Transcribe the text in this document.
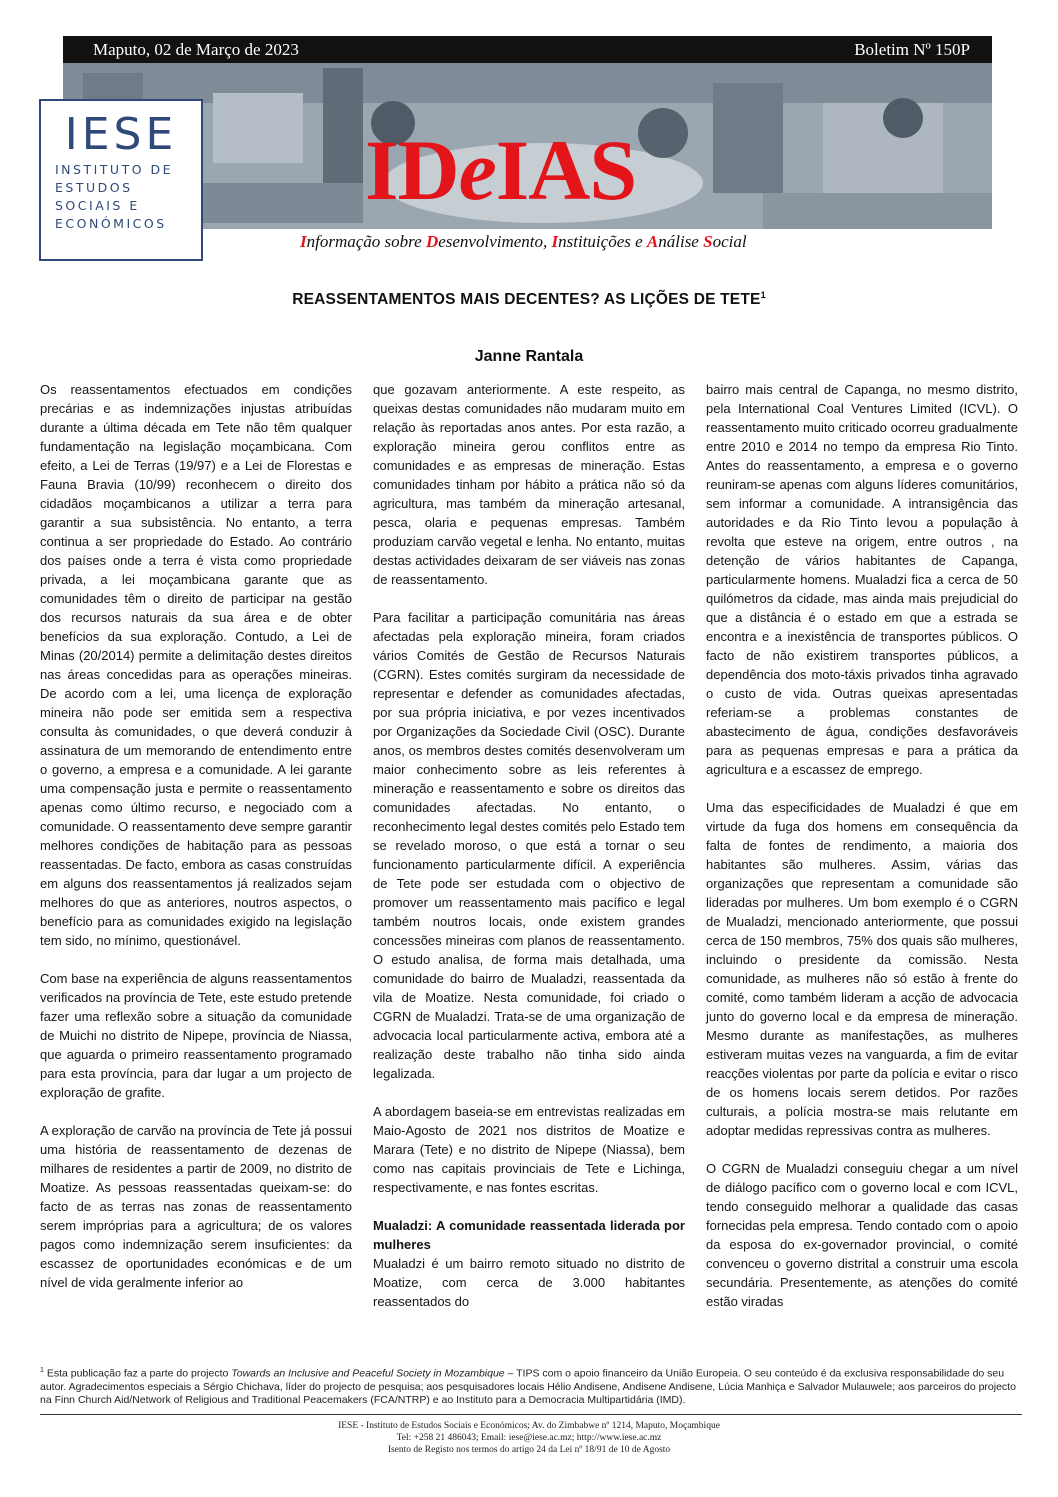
Maputo, 02 de Março de 2023	Boletim Nº 150P
IESE
INSTITUTO DE
ESTUDOS
SOCIAIS E
ECONÓMICOS
IDeIAS
Informação sobre Desenvolvimento, Instituições e Análise Social
REASSENTAMENTOS MAIS DECENTES? AS LIÇÕES DE TETE$^1$
Janne Rantala

Os reassentamentos efectuados em condições precárias e as indemnizações injustas atribuídas durante a última década em Tete não têm qualquer fundamentação na legislação moçambicana. Com efeito, a Lei de Terras (19/97) e a Lei de Florestas e Fauna Bravia (10/99) reconhecem o direito dos cidadãos moçambicanos a utilizar a terra para garantir a sua subsistência. No entanto, a terra continua a ser propriedade do Estado. Ao contrário dos países onde a terra é vista como propriedade privada, a lei moçambicana garante que as comunidades têm o direito de participar na gestão dos recursos naturais da sua área e de obter benefícios da sua exploração. Contudo, a Lei de Minas (20/2014) permite a delimitação destes direitos nas áreas concedidas para as operações mineiras. De acordo com a lei, uma licença de exploração mineira não pode ser emitida sem a respectiva consulta às comunidades, o que deverá conduzir à assinatura de um memorando de entendimento entre o governo, a empresa e a comunidade. A lei garante uma compensação justa e permite o reassentamento apenas como último recurso, e negociado com a comunidade. O reassentamento deve sempre garantir melhores condições de habitação para as pessoas reassentadas. De facto, embora as casas construídas em alguns dos reassentamentos já realizados sejam melhores do que as anteriores, noutros aspectos, o benefício para as comunidades exigido na legislação tem sido, no mínimo, questionável.

Com base na experiência de alguns reassentamentos verificados na província de Tete, este estudo pretende fazer uma reflexão sobre a situação da comunidade de Muichi no distrito de Nipepe, província de Niassa, que aguarda o primeiro reassentamento programado para esta província, para dar lugar a um projecto de exploração de grafite.

A exploração de carvão na província de Tete já possui uma história de reassentamento de dezenas de milhares de residentes a partir de 2009, no distrito de Moatize. As pessoas reassentadas queixam-se: do facto de as terras nas zonas de reassentamento serem impróprias para a agricultura; de os valores pagos como indemnização serem insuficientes: da escassez de oportunidades económicas e de um nível de vida geralmente inferior ao

que gozavam anteriormente. A este respeito, as queixas destas comunidades não mudaram muito em relação às reportadas anos antes. Por esta razão, a exploração mineira gerou conflitos entre as comunidades e as empresas de mineração. Estas comunidades tinham por hábito a prática não só da agricultura, mas também da mineração artesanal, pesca, olaria e pequenas empresas. Também produziam carvão vegetal e lenha. No entanto, muitas destas actividades deixaram de ser viáveis nas zonas de reassentamento.

Para facilitar a participação comunitária nas áreas afectadas pela exploração mineira, foram criados vários Comités de Gestão de Recursos Naturais (CGRN). Estes comités surgiram da necessidade de representar e defender as comunidades afectadas, por sua própria iniciativa, e por vezes incentivados por Organizações da Sociedade Civil (OSC). Durante anos, os membros destes comités desenvolveram um maior conhecimento sobre as leis referentes à mineração e reassentamento e sobre os direitos das comunidades afectadas. No entanto, o reconhecimento legal destes comités pelo Estado tem se revelado moroso, o que está a tornar o seu funcionamento particularmente difícil. A experiência de Tete pode ser estudada com o objectivo de promover um reassentamento mais pacífico e legal também noutros locais, onde existem grandes concessões mineiras com planos de reassentamento. O estudo analisa, de forma mais detalhada, uma comunidade do bairro de Mualadzi, reassentada da vila de Moatize. Nesta comunidade, foi criado o CGRN de Mualadzi. Trata-se de uma organização de advocacia local particularmente activa, embora até a realização deste trabalho não tinha sido ainda legalizada.

A abordagem baseia-se em entrevistas realizadas em Maio-Agosto de 2021 nos distritos de Moatize e Marara (Tete) e no distrito de Nipepe (Niassa), bem como nas capitais provinciais de Tete e Lichinga, respectivamente, e nas fontes escritas.

Mualadzi: A comunidade reassentada liderada por mulheres

Mualadzi é um bairro remoto situado no distrito de Moatize, com cerca de 3.000 habitantes reassentados do

bairro mais central de Capanga, no mesmo distrito, pela International Coal Ventures Limited (ICVL). O reassentamento muito criticado ocorreu gradualmente entre 2010 e 2014 no tempo da empresa Rio Tinto. Antes do reassentamento, a empresa e o governo reuniram-se apenas com alguns líderes comunitários, sem informar a comunidade. A intransigência das autoridades e da Rio Tinto levou a população à revolta que esteve na origem, entre outros , na detenção de vários habitantes de Capanga, particularmente homens. Mualadzi fica a cerca de 50 quilómetros da cidade, mas ainda mais prejudicial do que a distância é o estado em que a estrada se encontra e a inexistência de transportes públicos. O facto de não existirem transportes públicos, a dependência dos moto-táxis privados tinha agravado o custo de vida. Outras queixas apresentadas referiam-se a problemas constantes de abastecimento de água, condições desfavoráveis para as pequenas empresas e para a prática da agricultura e a escassez de emprego.

Uma das especificidades de Mualadzi é que em virtude da fuga dos homens em consequência da falta de fontes de rendimento, a maioria dos habitantes são mulheres. Assim, várias das organizações que representam a comunidade são lideradas por mulheres. Um bom exemplo é o CGRN de Mualadzi, mencionado anteriormente, que possui cerca de 150 membros, 75% dos quais são mulheres, incluindo o presidente da comissão. Nesta comunidade, as mulheres não só estão à frente do comité, como também lideram a acção de advocacia junto do governo local e da empresa de mineração. Mesmo durante as manifestações, as mulheres estiveram muitas vezes na vanguarda, a fim de evitar reacções violentas por parte da polícia e evitar o risco de os homens locais serem detidos. Por razões culturais, a polícia mostra-se mais relutante em adoptar medidas repressivas contra as mulheres.

O CGRN de Mualadzi conseguiu chegar a um nível de diálogo pacífico com o governo local e com ICVL, tendo conseguido melhorar a qualidade das casas fornecidas pela empresa. Tendo contado com o apoio da esposa do ex-governador provincial, o comité convenceu o governo distrital a construir uma escola secundária. Presentemente, as atenções do comité estão viradas

$^1$ Esta publicação faz a parte do projecto Towards an Inclusive and Peaceful Society in Mozambique – TIPS com o apoio financeiro da União Europeia. O seu conteúdo é da exclusiva responsabilidade do seu autor. Agradecimentos especiais a Sérgio Chichava, líder do projecto de pesquisa; aos pesquisadores locais Hélio Andisene, Andisene Andisene, Lúcia Manhiça e Salvador Mulauwele; aos parceiros do projecto na Finn Church Aid/Network of Religious and Traditional Peacemakers (FCA/NTRP) e ao Instituto para a Democracia Multipartidária (IMD).
IESE - Instituto de Estudos Sociais e Económicos; Av. do Zimbabwe nº 1214, Maputo, Moçambique
Tel: +258 21 486043; Email: iese@iese.ac.mz; http://www.iese.ac.mz
Isento de Registo nos termos do artigo 24 da Lei nº 18/91 de 10 de Agosto
